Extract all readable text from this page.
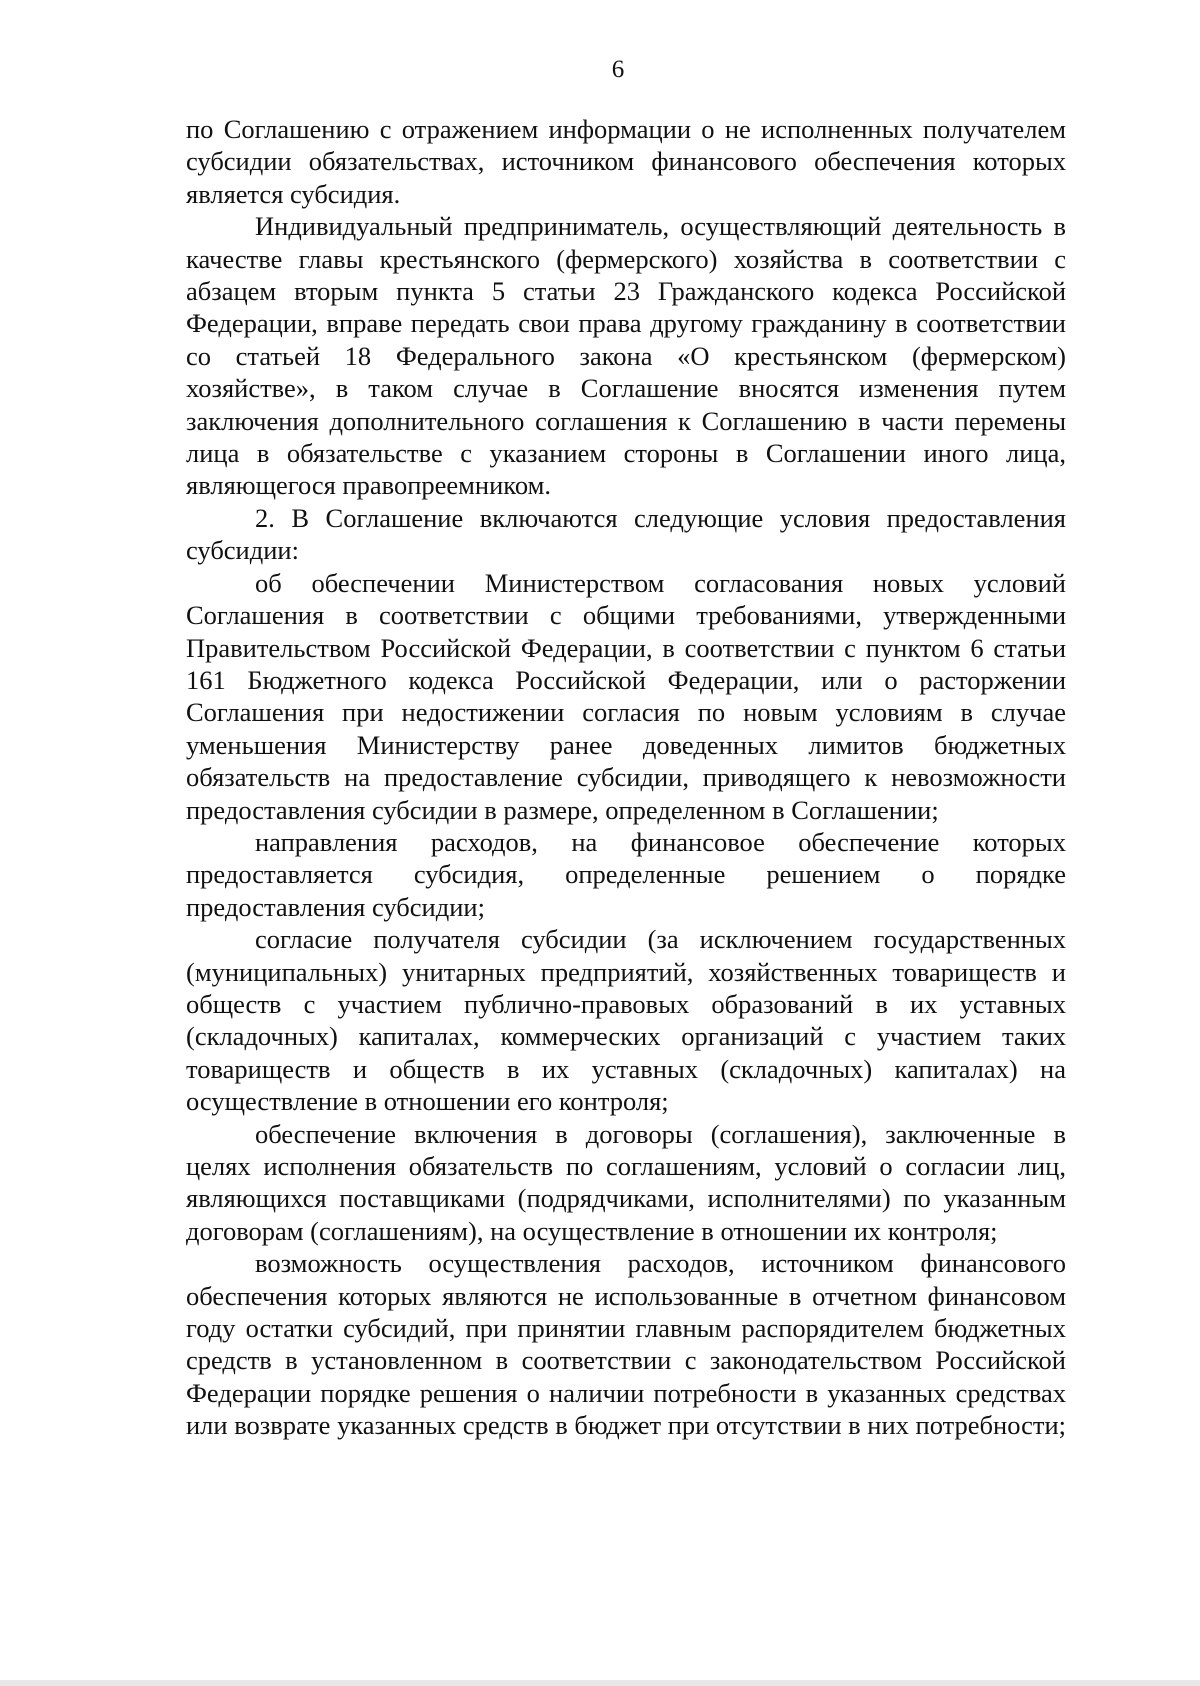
6

по Соглашению с отражением информации о не исполненных получателем субсидии обязательствах, источником финансового обеспечения которых является субсидия.

Индивидуальный предприниматель, осуществляющий деятельность в качестве главы крестьянского (фермерского) хозяйства в соответствии с абзацем вторым пункта 5 статьи 23 Гражданского кодекса Российской Федерации, вправе передать свои права другому гражданину в соответствии со статьей 18 Федерального закона «О крестьянском (фермерском) хозяйстве», в таком случае в Соглашение вносятся изменения путем заключения дополнительного соглашения к Соглашению в части перемены лица в обязательстве с указанием стороны в Соглашении иного лица, являющегося правопреемником.

2. В Соглашение включаются следующие условия предоставления субсидии:

об обеспечении Министерством согласования новых условий Соглашения в соответствии с общими требованиями, утвержденными Правительством Российской Федерации, в соответствии с пунктом 6 статьи 161 Бюджетного кодекса Российской Федерации, или о расторжении Соглашения при недостижении согласия по новым условиям в случае уменьшения Министерству ранее доведенных лимитов бюджетных обязательств на предоставление субсидии, приводящего к невозможности предоставления субсидии в размере, определенном в Соглашении;

направления расходов, на финансовое обеспечение которых предоставляется субсидия, определенные решением о порядке предоставления субсидии;

согласие получателя субсидии (за исключением государственных (муниципальных) унитарных предприятий, хозяйственных товариществ и обществ с участием публично-правовых образований в их уставных (складочных) капиталах, коммерческих организаций с участием таких товариществ и обществ в их уставных (складочных) капиталах) на осуществление в отношении его контроля;

обеспечение включения в договоры (соглашения), заключенные в целях исполнения обязательств по соглашениям, условий о согласии лиц, являющихся поставщиками (подрядчиками, исполнителями) по указанным договорам (соглашениям), на осуществление в отношении их контроля;

возможность осуществления расходов, источником финансового обеспечения которых являются не использованные в отчетном финансовом году остатки субсидий, при принятии главным распорядителем бюджетных средств в установленном в соответствии с законодательством Российской Федерации порядке решения о наличии потребности в указанных средствах или возврате указанных средств в бюджет при отсутствии в них потребности;
